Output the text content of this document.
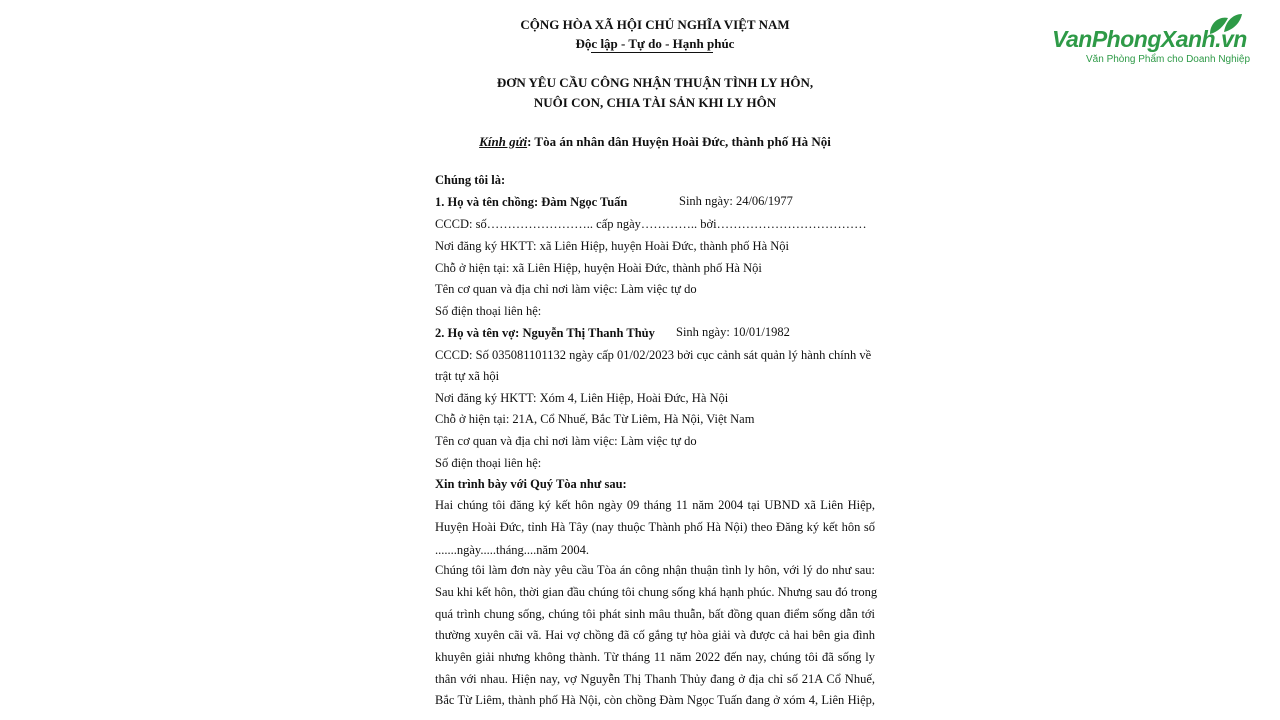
VanPhongXanh.vn
Văn Phòng Phẩm cho Doanh Nghiệp
CỘNG HÒA XÃ HỘI CHỦ NGHĨA VIỆT NAM
Độc lập - Tự do - Hạnh phúc
ĐƠN YÊU CẦU CÔNG NHẬN THUẬN TÌNH LY HÔN,
NUÔI CON, CHIA TÀI SẢN KHI LY HÔN
Kính gửi: Tòa án nhân dân Huyện Hoài Đức, thành phố Hà Nội
Chúng tôi là:
1. Họ và tên chồng: Đàm Ngọc Tuấn	Sinh ngày: 24/06/1977
CCCD: số…………………….. cấp ngày………….. bởi………………………………
Nơi đăng ký HKTT: xã Liên Hiệp, huyện Hoài Đức, thành phố Hà Nội
Chỗ ở hiện tại: xã Liên Hiệp, huyện Hoài Đức, thành phố Hà Nội
Tên cơ quan và địa chỉ nơi làm việc: Làm việc tự do
Số điện thoại liên hệ:
2. Họ và tên vợ: Nguyễn Thị Thanh Thủy Sinh ngày: 10/01/1982
CCCD: Số 035081101132 ngày cấp 01/02/2023 bởi cục cảnh sát quản lý hành chính về
trật tự xã hội
Nơi đăng ký HKTT: Xóm 4, Liên Hiệp, Hoài Đức, Hà Nội
Chỗ ở hiện tại: 21A, Cổ Nhuế, Bắc Từ Liêm, Hà Nội, Việt Nam
Tên cơ quan và địa chỉ nơi làm việc: Làm việc tự do
Số điện thoại liên hệ:
Xin trình bày với Quý Tòa như sau:
Hai chúng tôi đăng ký kết hôn ngày 09 tháng 11 năm 2004 tại UBND xã Liên Hiệp,
Huyện Hoài Đức, tỉnh Hà Tây (nay thuộc Thành phố Hà Nội) theo Đăng ký kết hôn số
.......ngày.....tháng....năm 2004.
Chúng tôi làm đơn này yêu cầu Tòa án công nhận thuận tình ly hôn, với lý do như sau:
Sau khi kết hôn, thời gian đầu chúng tôi chung sống khá hạnh phúc. Nhưng sau đó trong
quá trình chung sống, chúng tôi phát sinh mâu thuẫn, bất đồng quan điểm sống dẫn tới
thường xuyên cãi vã. Hai vợ chồng đã cố gắng tự hòa giải và được cả hai bên gia đình
khuyên giải nhưng không thành. Từ tháng 11 năm 2022 đến nay, chúng tôi đã sống ly
thân với nhau. Hiện nay, vợ Nguyễn Thị Thanh Thủy đang ở địa chỉ số 21A Cổ Nhuế,
Bắc Từ Liêm, thành phố Hà Nội, còn chồng Đàm Ngọc Tuấn đang ở xóm 4, Liên Hiệp,
